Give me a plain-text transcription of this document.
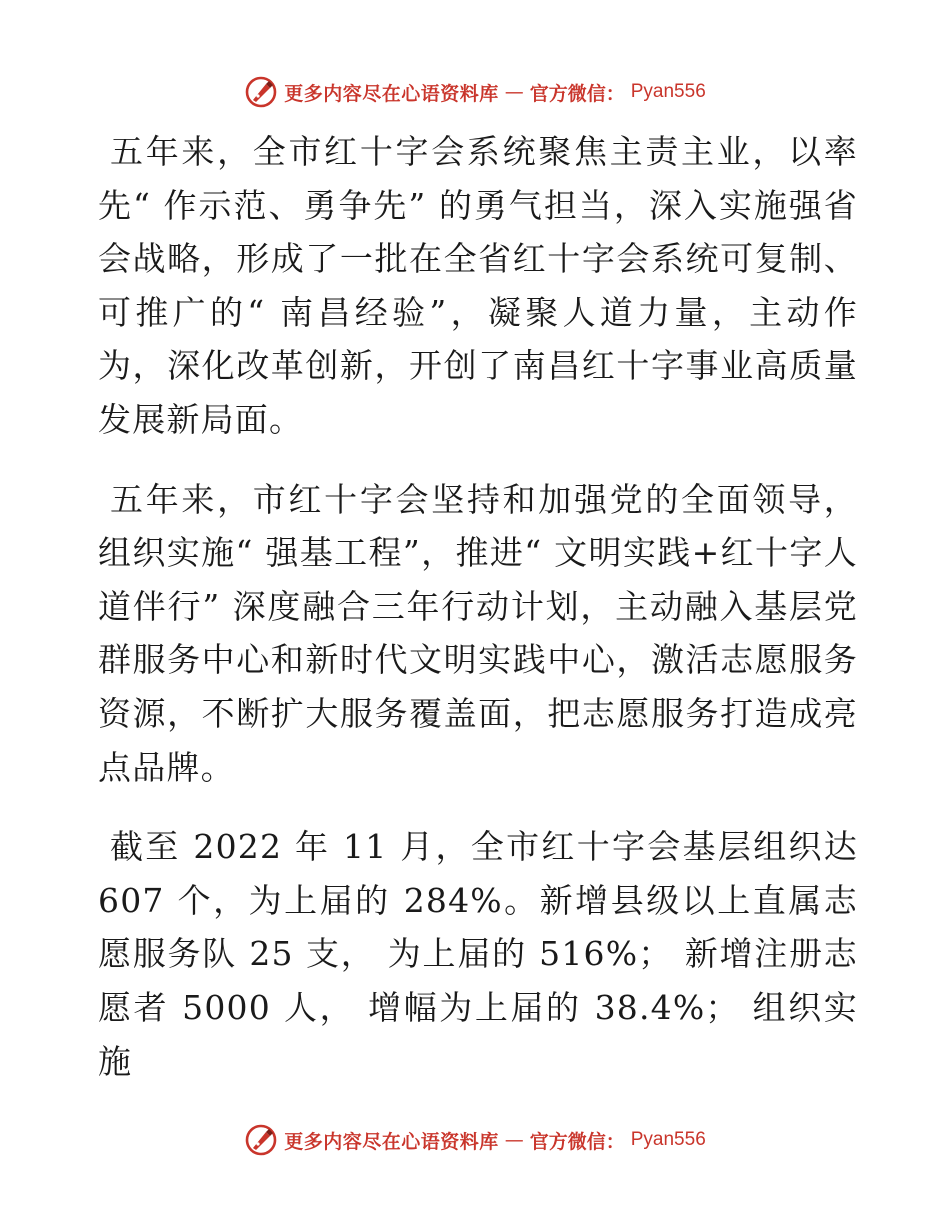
更多内容尽在心语资料库 — 官方微信： Pyan556

五年来，全市红十字会系统聚焦主责主业，以率先“ 作示范、勇争先” 的勇气担当，深入实施强省会战略，形成了一批在全省红十字会系统可复制、可推广的“ 南昌经验”，凝聚人道力量，主动作为，深化改革创新，开创了南昌红十字事业高质量发展新局面。

五年来，市红十字会坚持和加强党的全面领导，组织实施“ 强基工程”，推进“ 文明实践+红十字人道伴行” 深度融合三年行动计划，主动融入基层党群服务中心和新时代文明实践中心，激活志愿服务资源，不断扩大服务覆盖面，把志愿服务打造成亮点品牌。

截至 2022 年 11 月，全市红十字会基层组织达 607 个，为上届的 284%。新增县级以上直属志愿服务队 25 支， 为上届的 516%； 新增注册志愿者 5000 人， 增幅为上届的 38.4%； 组织实施

更多内容尽在心语资料库 — 官方微信： Pyan556
